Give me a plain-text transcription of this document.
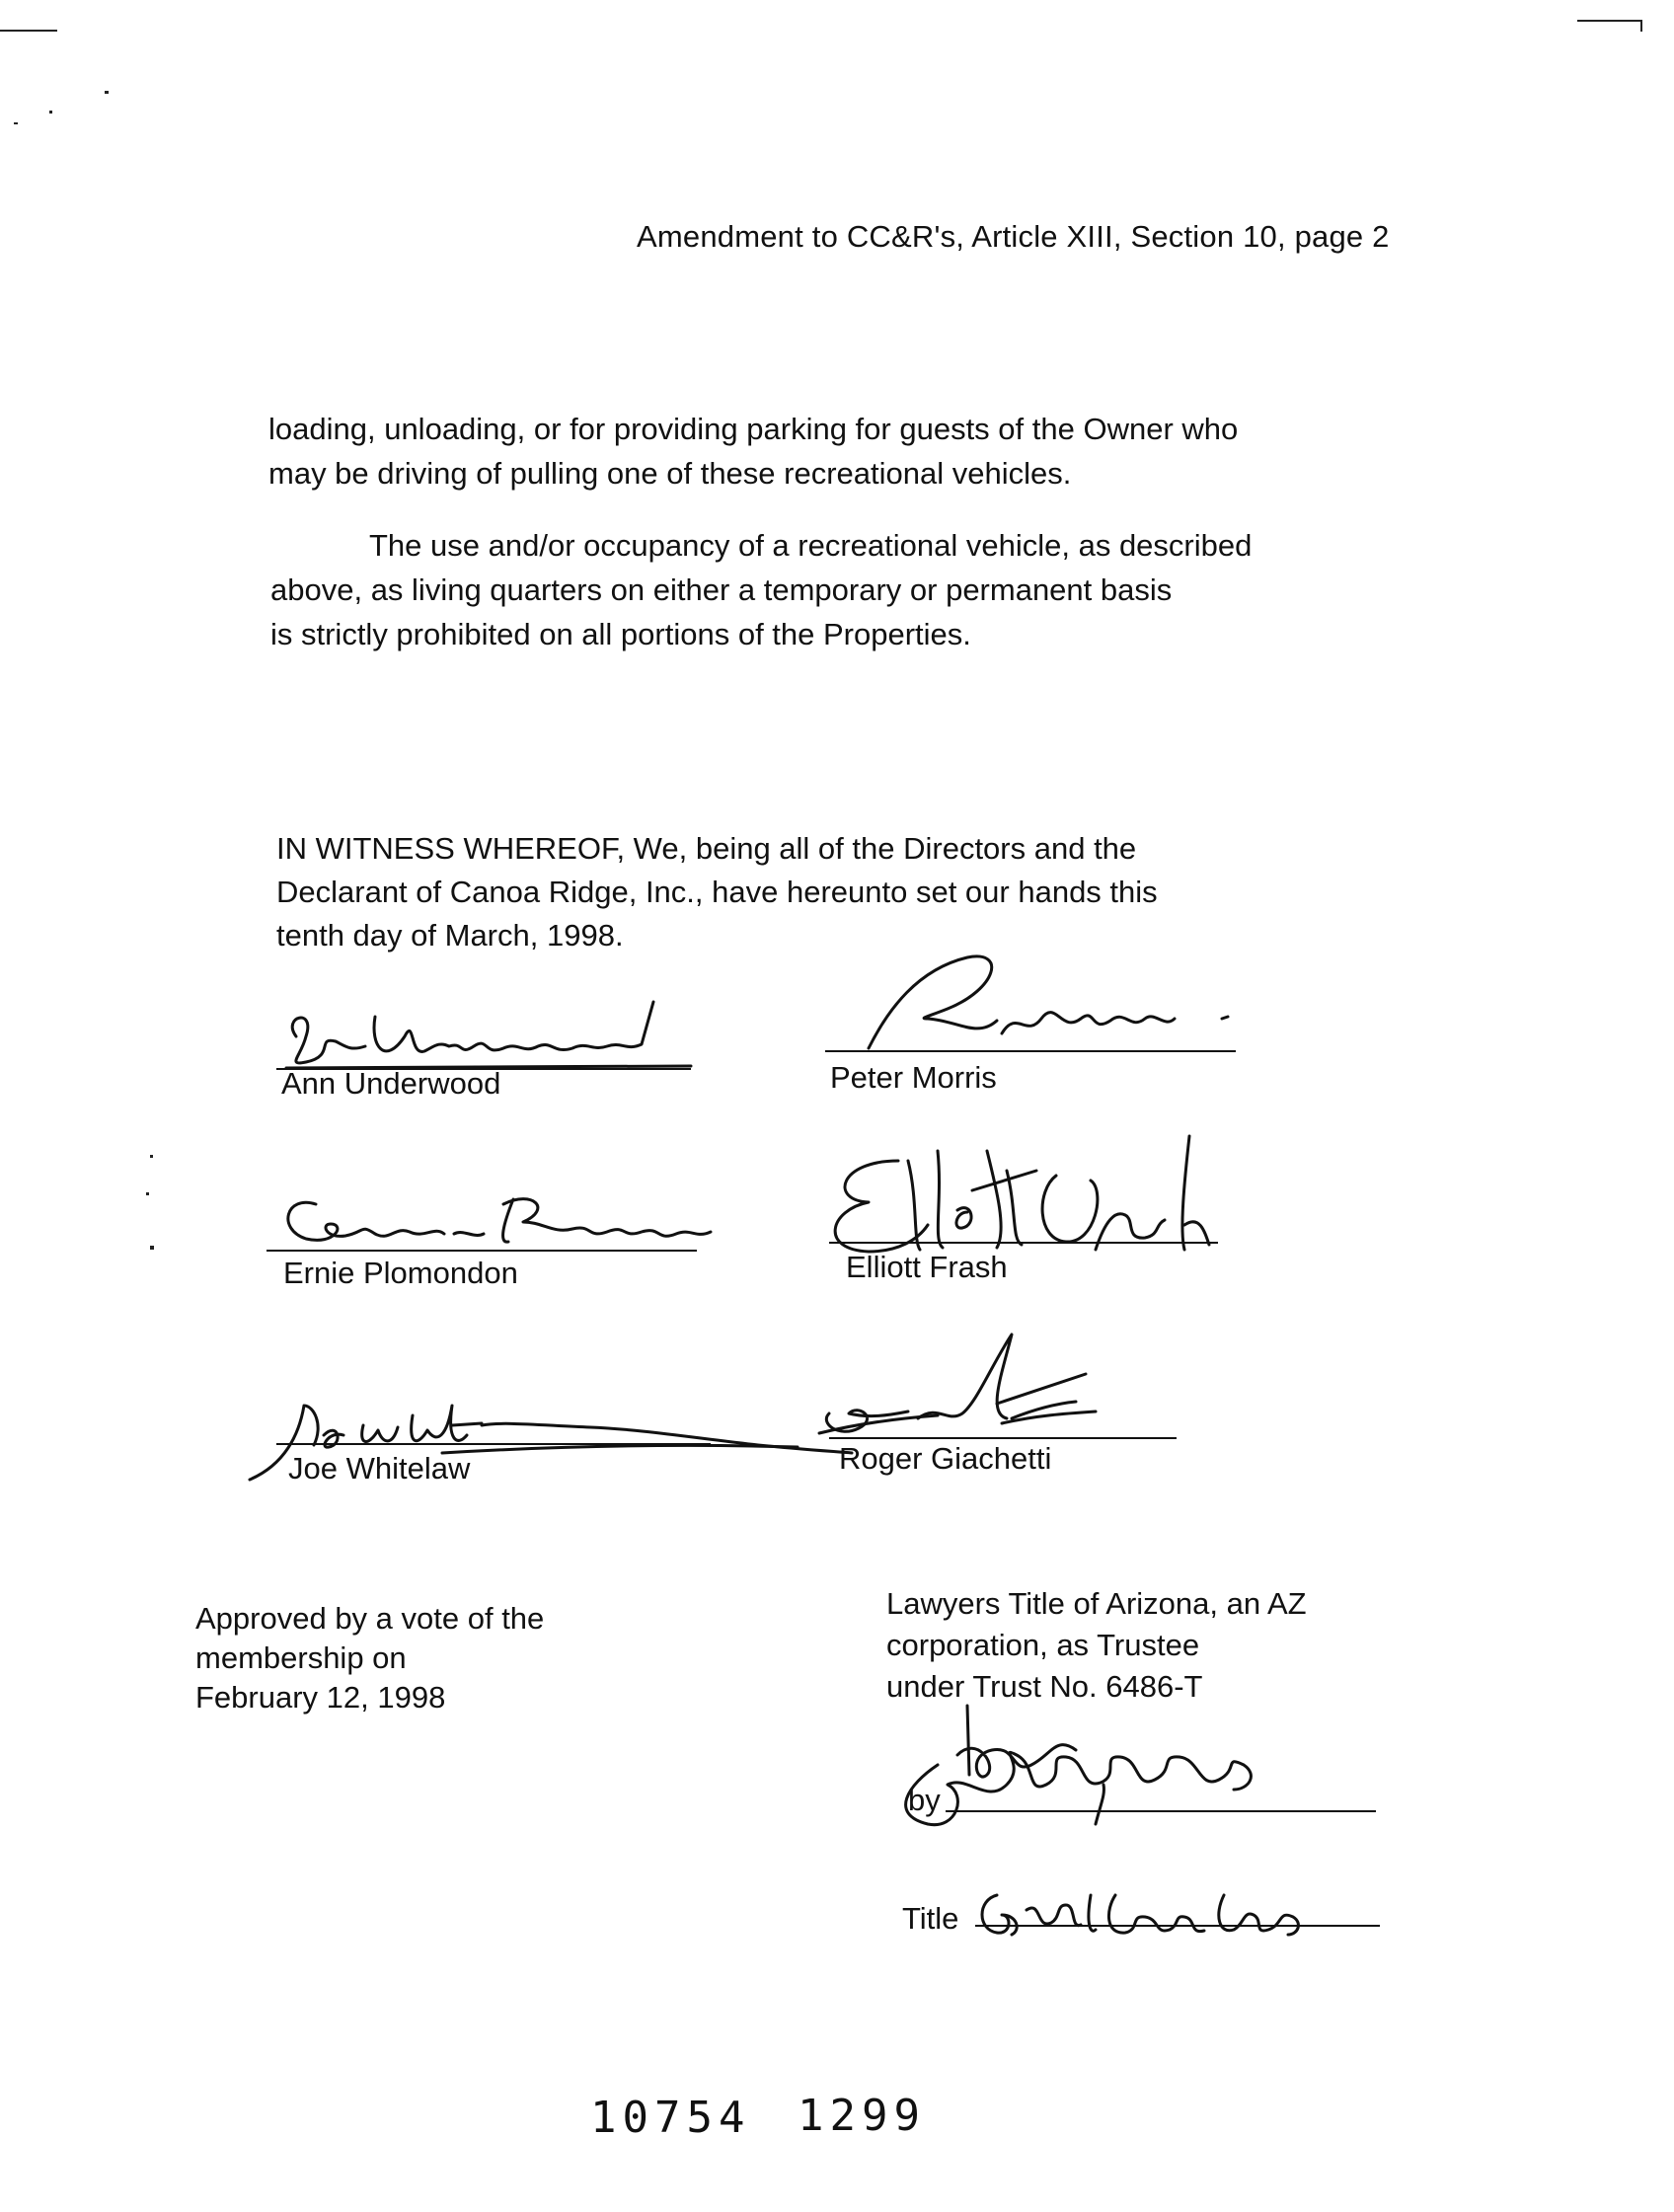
Amendment to CC&R's, Article XIII, Section 10, page 2
loading, unloading, or for providing parking for guests of the Owner who
may be driving of pulling one of these recreational vehicles.
The use and/or occupancy of a recreational vehicle, as described
above, as living quarters on either a temporary or permanent basis
is strictly prohibited on all portions of the Properties.
IN WITNESS WHEREOF, We, being all of the Directors and the
Declarant of Canoa Ridge, Inc., have hereunto set our hands this
tenth day of March, 1998.
Ann Underwood	Peter Morris
Ernie Plomondon	Elliott Frash
Joe Whitelaw	Roger Giachetti
Approved by a vote of the
membership on
February 12, 1998
Lawyers Title of Arizona, an AZ
corporation, as Trustee
under Trust No. 6486-T
by
Title
10754 1299
